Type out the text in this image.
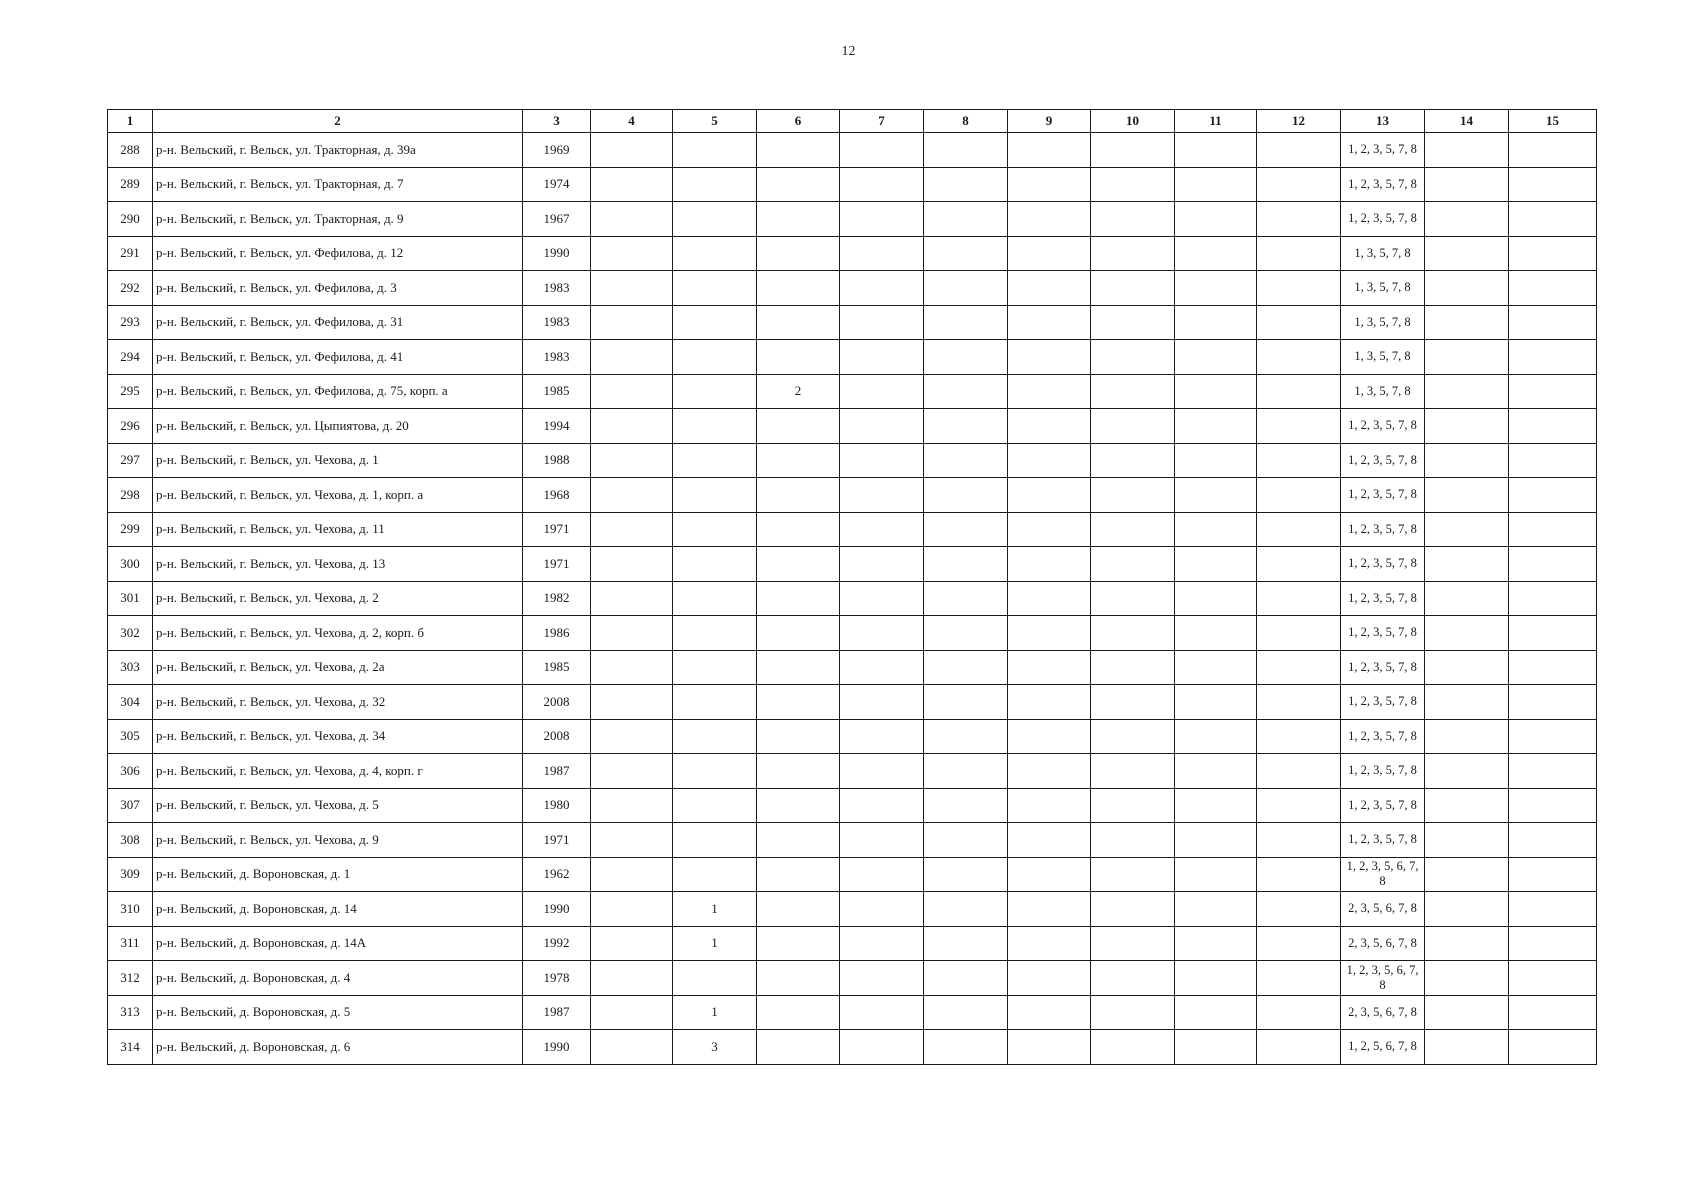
12
1	2	3	4	5	6	7	8	9	10	11	12	13	14	15
288	р-н. Вельский, г. Вельск, ул. Тракторная, д. 39а	1969										1, 2, 3, 5, 7, 8		
289	р-н. Вельский, г. Вельск, ул. Тракторная, д. 7	1974										1, 2, 3, 5, 7, 8		
290	р-н. Вельский, г. Вельск, ул. Тракторная, д. 9	1967										1, 2, 3, 5, 7, 8		
291	р-н. Вельский, г. Вельск, ул. Фефилова, д. 12	1990										1, 3, 5, 7, 8		
292	р-н. Вельский, г. Вельск, ул. Фефилова, д. 3	1983										1, 3, 5, 7, 8		
293	р-н. Вельский, г. Вельск, ул. Фефилова, д. 31	1983										1, 3, 5, 7, 8		
294	р-н. Вельский, г. Вельск, ул. Фефилова, д. 41	1983										1, 3, 5, 7, 8		
295	р-н. Вельский, г. Вельск, ул. Фефилова, д. 75, корп. а	1985			2							1, 3, 5, 7, 8		
296	р-н. Вельский, г. Вельск, ул. Цыпиятова, д. 20	1994										1, 2, 3, 5, 7, 8		
297	р-н. Вельский, г. Вельск, ул. Чехова, д. 1	1988										1, 2, 3, 5, 7, 8		
298	р-н. Вельский, г. Вельск, ул. Чехова, д. 1, корп. а	1968										1, 2, 3, 5, 7, 8		
299	р-н. Вельский, г. Вельск, ул. Чехова, д. 11	1971										1, 2, 3, 5, 7, 8		
300	р-н. Вельский, г. Вельск, ул. Чехова, д. 13	1971										1, 2, 3, 5, 7, 8		
301	р-н. Вельский, г. Вельск, ул. Чехова, д. 2	1982										1, 2, 3, 5, 7, 8		
302	р-н. Вельский, г. Вельск, ул. Чехова, д. 2, корп. б	1986										1, 2, 3, 5, 7, 8		
303	р-н. Вельский, г. Вельск, ул. Чехова, д. 2а	1985										1, 2, 3, 5, 7, 8		
304	р-н. Вельский, г. Вельск, ул. Чехова, д. 32	2008										1, 2, 3, 5, 7, 8		
305	р-н. Вельский, г. Вельск, ул. Чехова, д. 34	2008										1, 2, 3, 5, 7, 8		
306	р-н. Вельский, г. Вельск, ул. Чехова, д. 4, корп. г	1987										1, 2, 3, 5, 7, 8		
307	р-н. Вельский, г. Вельск, ул. Чехова, д. 5	1980										1, 2, 3, 5, 7, 8		
308	р-н. Вельский, г. Вельск, ул. Чехова, д. 9	1971										1, 2, 3, 5, 7, 8		
309	р-н. Вельский, д. Вороновская, д. 1	1962										1, 2, 3, 5, 6, 7, 8		
310	р-н. Вельский, д. Вороновская, д. 14	1990		1								2, 3, 5, 6, 7, 8		
311	р-н. Вельский, д. Вороновская, д. 14А	1992		1								2, 3, 5, 6, 7, 8		
312	р-н. Вельский, д. Вороновская, д. 4	1978										1, 2, 3, 5, 6, 7, 8		
313	р-н. Вельский, д. Вороновская, д. 5	1987		1								2, 3, 5, 6, 7, 8		
314	р-н. Вельский, д. Вороновская, д. 6	1990		3								1, 2, 5, 6, 7, 8		
